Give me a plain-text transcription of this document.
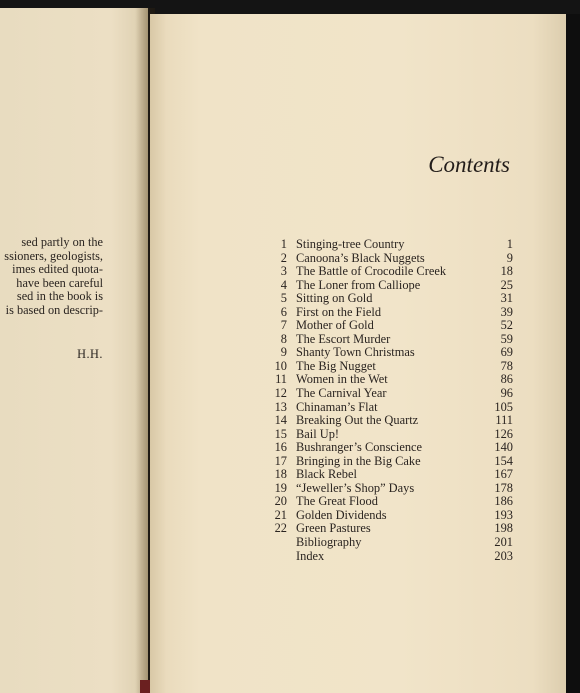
sed partly on the
ssioners, geologists,
imes edited quota-
have been careful
sed in the book is
is based on descrip-
H.H.
Contents
1 Stinging-tree Country	1
2 Canoona’s Black Nuggets	9
3 The Battle of Crocodile Creek	18
4 The Loner from Calliope	25
5 Sitting on Gold	31
6 First on the Field	39
7 Mother of Gold	52
8 The Escort Murder	59
9 Shanty Town Christmas	69
10 The Big Nugget	78
11 Women in the Wet	86
12 The Carnival Year	96
13 Chinaman’s Flat	105
14 Breaking Out the Quartz	111
15 Bail Up!	126
16 Bushranger’s Conscience	140
17 Bringing in the Big Cake	154
18 Black Rebel	167
19 “Jeweller’s Shop” Days	178
20 The Great Flood	186
21 Golden Dividends	193
22 Green Pastures	198
Bibliography	201
Index	203
